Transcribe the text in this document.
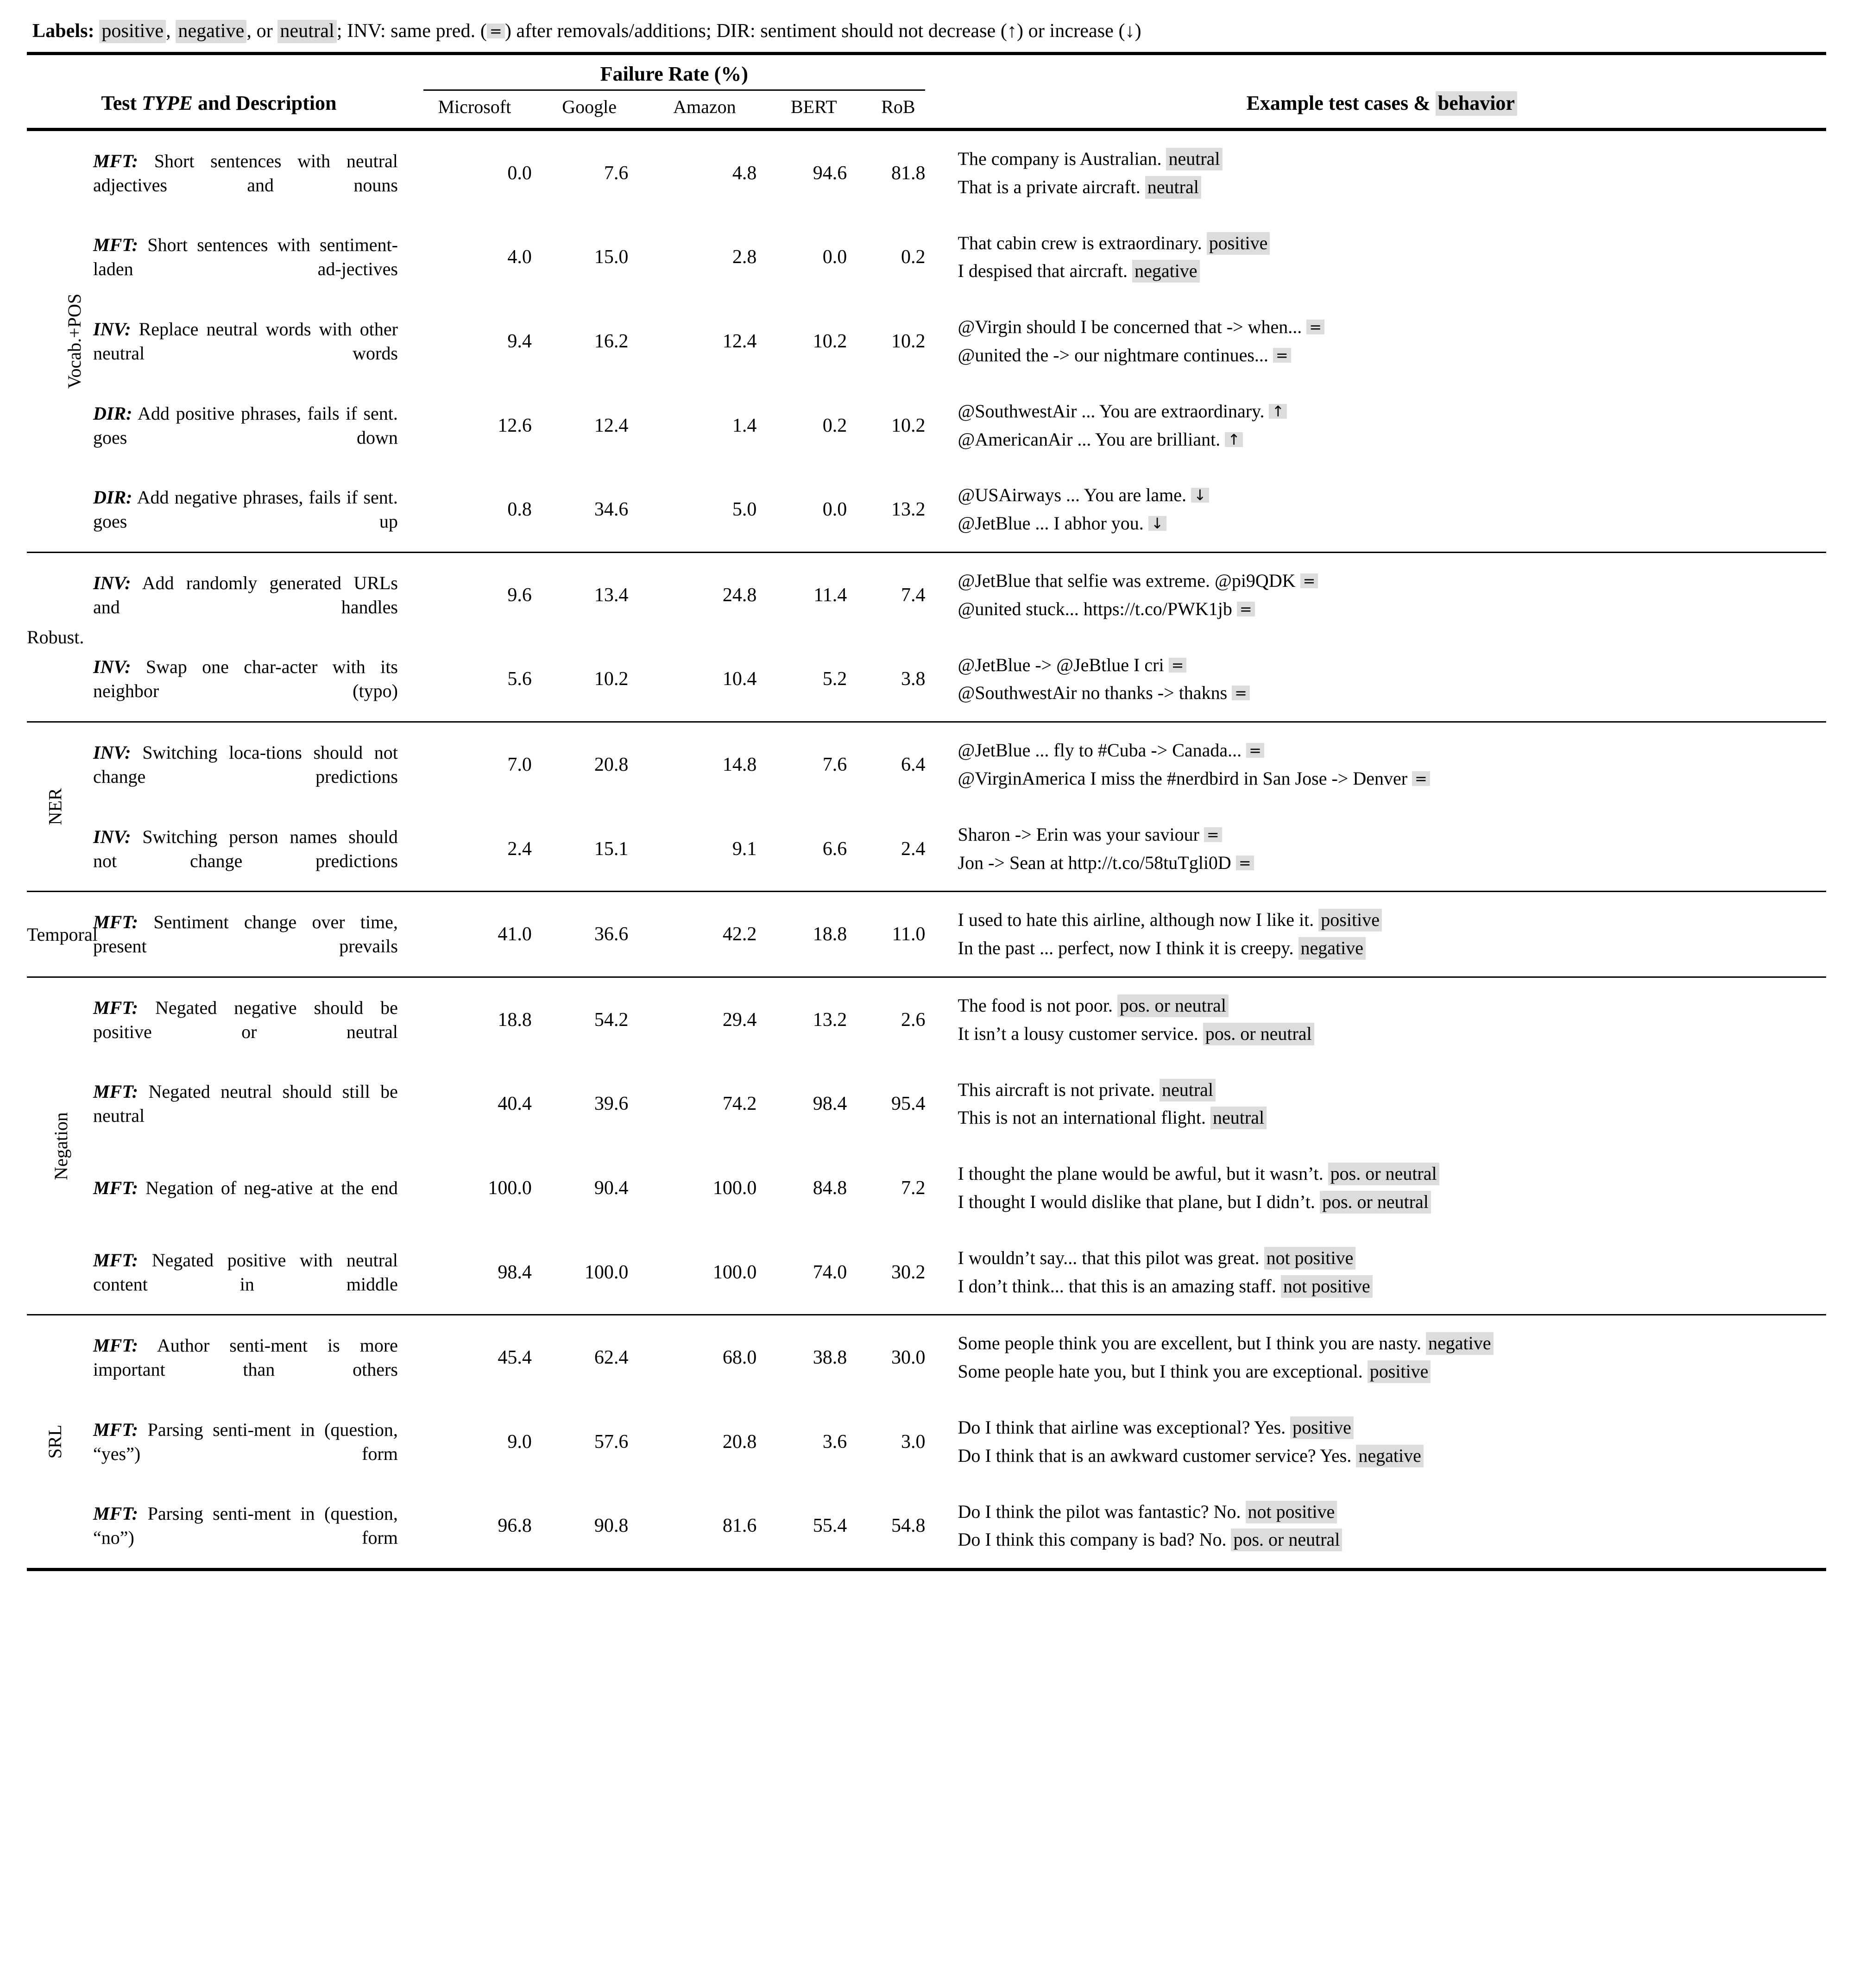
Labels: positive , negative , or neutral ; INV: same pred. ( = ) after removals/additions; DIR: sentiment should not decrease (↑) or increase (↓)
Test TYPE and Description		Failure Rate (%)					Example test cases & behavior
		Microsoft	Google	Amazon	BERT	RoB	
Vocab.+POS	MFT: Short sentences with neutral adjectives and nouns	0.0	7.6	4.8	94.6	81.8	The company is Australian. neutral
That is a private aircraft. neutral

	MFT: Short sentences with sentiment-laden ad-jectives	4.0	15.0	2.8	0.0	0.2	That cabin crew is extraordinary. positive
I despised that aircraft. negative

	INV: Replace neutral words with other neutral words	9.4	16.2	12.4	10.2	10.2	@Virgin should I be concerned that -> when... =
@united the -> our nightmare continues... =

	DIR: Add positive phrases, fails if sent. goes down	12.6	12.4	1.4	0.2	10.2	@SouthwestAir ... You are extraordinary. ↑
@AmericanAir ... You are brilliant. ↑

	DIR: Add negative phrases, fails if sent. goes up	0.8	34.6	5.0	0.0	13.2	@USAirways ... You are lame. ↓
@JetBlue ... I abhor you. ↓

Robust.	INV: Add randomly generated URLs and handles	9.6	13.4	24.8	11.4	7.4	@JetBlue that selfie was extreme. @pi9QDK =
@united stuck... https://t.co/PWK1jb =

	INV: Swap one char-acter with its neighbor (typo)	5.6	10.2	10.4	5.2	3.8	@JetBlue -> @JeBtlue I cri =
@SouthwestAir no thanks -> thakns =

NER	INV: Switching loca-tions should not change predictions	7.0	20.8	14.8	7.6	6.4	@JetBlue ... fly to #Cuba -> Canada... =
@VirginAmerica I miss the #nerdbird in San Jose -> Denver =

	INV: Switching person names should not change predictions	2.4	15.1	9.1	6.6	2.4	Sharon -> Erin was your saviour =
Jon -> Sean at http://t.co/58tuTgli0D =

Temporal	MFT: Sentiment change over time, present prevails	41.0	36.6	42.2	18.8	11.0	I used to hate this airline, although now I like it. positive
In the past ... perfect, now I think it is creepy. negative

Negation	MFT: Negated negative should be positive or neutral	18.8	54.2	29.4	13.2	2.6	The food is not poor. pos. or neutral
It isn’t a lousy customer service. pos. or neutral

	MFT: Negated neutral should still be neutral	40.4	39.6	74.2	98.4	95.4	This aircraft is not private. neutral
This is not an international flight. neutral

	MFT: Negation of neg-ative at the end	100.0	90.4	100.0	84.8	7.2	I thought the plane would be awful, but it wasn’t. pos. or neutral
I thought I would dislike that plane, but I didn’t. pos. or neutral

	MFT: Negated positive with neutral content in middle	98.4	100.0	100.0	74.0	30.2	I wouldn’t say... that this pilot was great. not positive
I don’t think... that this is an amazing staff. not positive

SRL	MFT: Author senti-ment is more important than others	45.4	62.4	68.0	38.8	30.0	Some people think you are excellent, but I think you are nasty. negative
Some people hate you, but I think you are exceptional. positive

	MFT: Parsing senti-ment in (question, “yes”) form	9.0	57.6	20.8	3.6	3.0	Do I think that airline was exceptional? Yes. positive
Do I think that is an awkward customer service? Yes. negative

	MFT: Parsing senti-ment in (question, “no”) form	96.8	90.8	81.6	55.4	54.8	Do I think the pilot was fantastic? No. not positive
Do I think this company is bad? No. pos. or neutral
